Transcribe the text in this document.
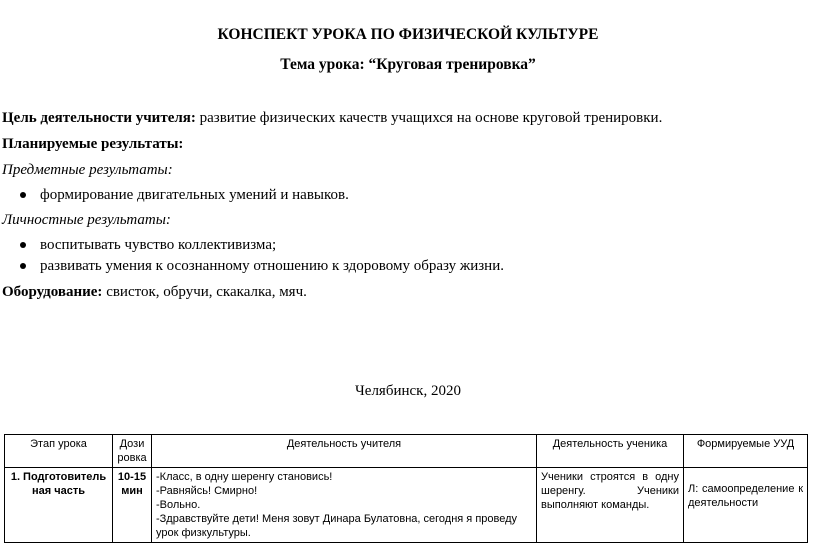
КОНСПЕКТ УРОКА ПО ФИЗИЧЕСКОЙ КУЛЬТУРЕ
Тема урока: “Круговая тренировка”
Цель деятельности учителя: развитие физических качеств учащихся на основе круговой тренировки.
Планируемые результаты:
Предметные результаты:
формирование двигательных умений и навыков.
Личностные результаты:
воспитывать чувство коллективизма;
развивать умения к осознанному отношению к здоровому образу жизни.
Оборудование: свисток, обручи, скакалка, мяч.
Челябинск, 2020
Этап урока	Дозировка	Деятельность учителя	Деятельность ученика	Формируемые УУД
1. Подготовительная часть	10-15 мин	-Класс, в одну шеренгу становись!
-Равняйсь! Смирно!
-Вольно.
-Здравствуйте дети! Меня зовут Динара Булатовна, сегодня я проведу урок физкультуры.	Ученики строятся в одну шеренгу. Ученики выполняют команды.	Л: самоопределение к деятельности
